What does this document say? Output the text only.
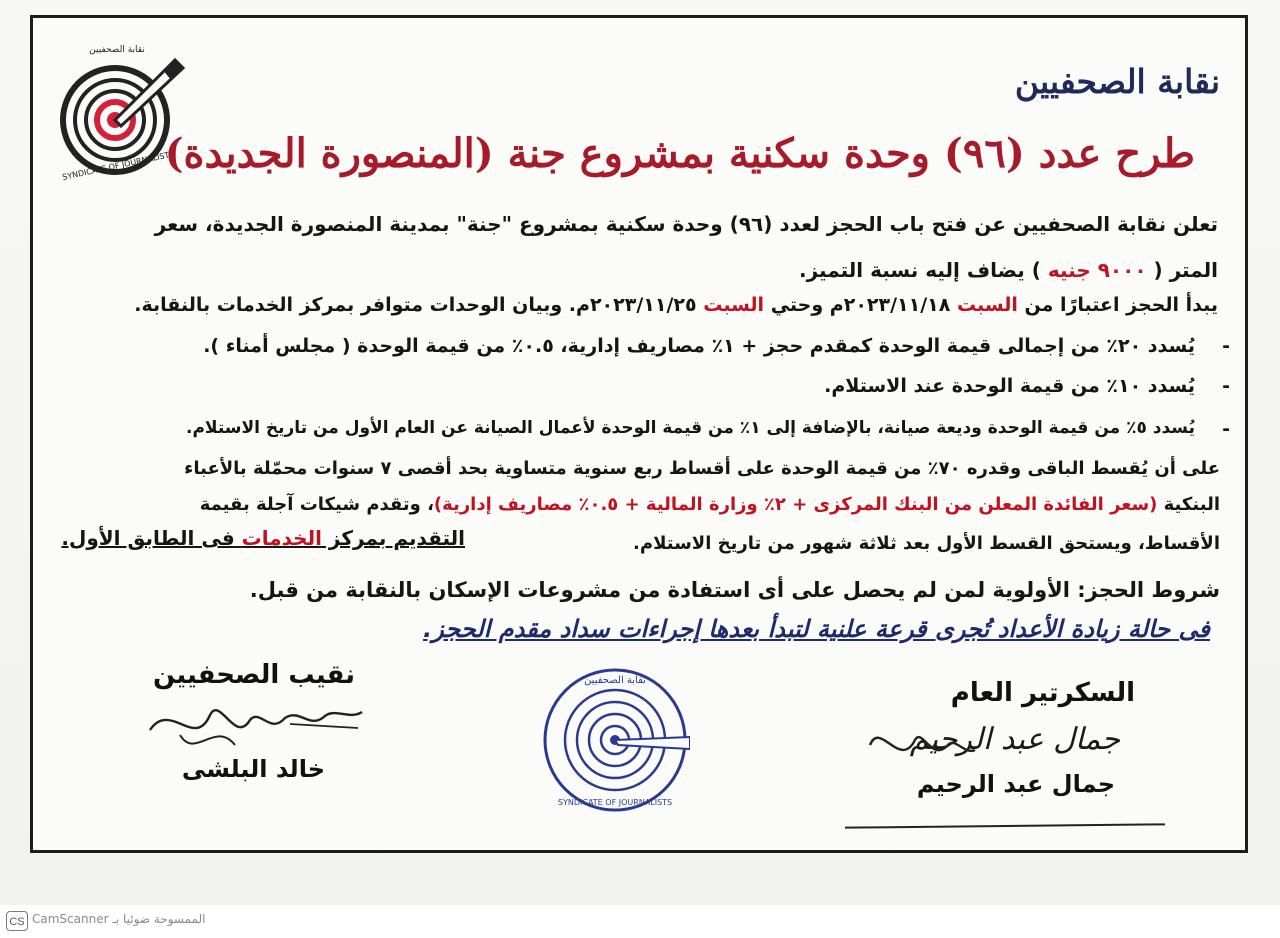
نقابة الصحفيين
SYNDICATE OF JOURNALISTS
نقابة الصحفيين
طرح عدد (٩٦) وحدة سكنية بمشروع جنة (المنصورة الجديدة)
تعلن نقابة الصحفيين عن فتح باب الحجز لعدد (٩٦) وحدة سكنية بمشروع "جنة" بمدينة المنصورة الجديدة، سعر
المتر ( ٩٠٠٠ جنيه ) يضاف إليه نسبة التميز.
يبدأ الحجز اعتبارًا من السبت ٢٠٢٣/١١/١٨م وحتي السبت ٢٠٢٣/١١/٢٥م. وبيان الوحدات متوافر بمركز الخدمات بالنقابة.
يُسدد ٢٠٪ من إجمالى قيمة الوحدة كمقدم حجز + ١٪ مصاريف إدارية، ٠.٥٪ من قيمة الوحدة ( مجلس أمناء ). -
يُسدد ١٠٪ من قيمة الوحدة عند الاستلام. -
يُسدد ٥٪ من قيمة الوحدة وديعة صيانة، بالإضافة إلى ١٪ من قيمة الوحدة لأعمال الصيانة عن العام الأول من تاريخ الاستلام. -
على أن يُقسط الباقى وقدره ٧٠٪ من قيمة الوحدة على أقساط ربع سنوية متساوية بحد أقصى ٧ سنوات محمّلة بالأعباء
البنكية (سعر الفائدة المعلن من البنك المركزى + ٢٪ وزارة المالية + ٠.٥٪ مصاريف إدارية)، وتقدم شيكات آجلة بقيمة
الأقساط، ويستحق القسط الأول بعد ثلاثة شهور من تاريخ الاستلام.
التقديم بمركز الخدمات فى الطابق الأول.
شروط الحجز: الأولوية لمن لم يحصل على أى استفادة من مشروعات الإسكان بالنقابة من قبل.
فى حالة زيادة الأعداد تُجرى قرعة علنية لتبدأ بعدها إجراءات سداد مقدم الحجز.
نقيب الصحفيين
خالد البلشى
نقابة الصحفيين
SYNDICATE OF JOURNALISTS
السكرتير العام
جمال عبد الرحيم
جمال عبد الرحيم
CS CamScanner الممسوحة ضوئيا بـ
